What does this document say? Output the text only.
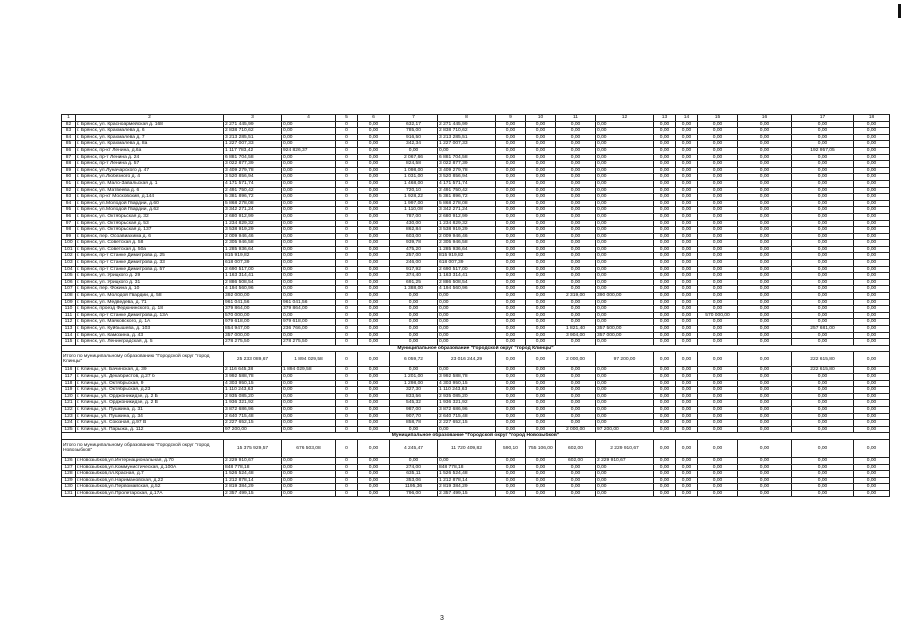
1	2	3	4	5	6	7	8	9	10	11	12	13	14	15	16	17	18
82	г. Брянск, ул. Красноармейская д. 168	2 271 445,99	0,00	0	0,00	632,17	2 271 445,99	0,00	0,00	0,00	0,00	0,00	0,00	0,00	0,00	0,00	0,00
83	г. Брянск, ул. Крахмалева д. 6	2 838 710,62	0,00	0	0,00	785,00	2 838 710,62	0,00	0,00	0,00	0,00	0,00	0,00	0,00	0,00	0,00	0,00
84	г. Брянск, ул. Крахмалева д. 7	3 213 285,51	0,00	0	0,00	916,50	3 213 285,51	0,00	0,00	0,00	0,00	0,00	0,00	0,00	0,00	0,00	0,00
85	г. Брянск, ул. Крахмалева д. 8а	1 227 007,33	0,00	0	0,00	342,34	1 227 007,33	0,00	0,00	0,00	0,00	0,00	0,00	0,00	0,00	0,00	0,00
86	г. Брянск, пр-кт Ленина, д.6а	1 117 783,42	924 826,37	0	0,00	0,00	0,00	0,00	0,00	0,00	0,00	0,00	0,00	0,00	0,00	192 957,05	0,00
87	г. Брянск, пр-т Ленина д. 24	6 881 704,58	0,00	0	0,00	2 067,66	6 881 704,58	0,00	0,00	0,00	0,00	0,00	0,00	0,00	0,00	0,00	0,00
88	г. Брянск, пр-т Ленина д. 57	3 022 877,39	0,00	0	0,00	824,58	3 022 877,39	0,00	0,00	0,00	0,00	0,00	0,00	0,00	0,00	0,00	0,00
89	г. Брянск, ул.Луначарского д. 47	3 409 279,78	0,00	0	0,00	1 098,00	3 409 279,78	0,00	0,00	0,00	0,00	0,00	0,00	0,00	0,00	0,00	0,00
90	г. Брянск, ул.Любезного д. 4	3 520 856,94	0,00	0	0,00	1 031,00	3 520 856,94	0,00	0,00	0,00	0,00	0,00	0,00	0,00	0,00	0,00	0,00
91	г. Брянск, ул. Мало-Завальская д. 1	4 171 571,74	0,00	0	0,00	1 468,00	4 171 571,74	0,00	0,00	0,00	0,00	0,00	0,00	0,00	0,00	0,00	0,00
92	г. Брянск, ул. Матвеева д. 6	2 491 750,42	0,00	0	0,00	720,10	2 491 750,42	0,00	0,00	0,00	0,00	0,00	0,00	0,00	0,00	0,00	0,00
93	г. Брянск, пр-кт Московский, д.144	5 381 896,72	0,00	0	0,00	1 928,22	5 381 896,72	0,00	0,00	0,00	0,00	0,00	0,00	0,00	0,00	0,00	0,00
94	г. Брянск, ул.Молодой Гвардии, д.60	5 868 278,08	0,00	0	0,00	1 997,00	5 868 278,08	0,00	0,00	0,00	0,00	0,00	0,00	0,00	0,00	0,00	0,00
95	г. Брянск, ул.Молодой Гвардии, д.62	3 342 271,24	0,00	0	0,00	1 110,08	3 342 271,24	0,00	0,00	0,00	0,00	0,00	0,00	0,00	0,00	0,00	0,00
96	г. Брянск, ул. Октябрьская д. 32	2 680 912,99	0,00	0	0,00	787,00	2 680 912,99	0,00	0,00	0,00	0,00	0,00	0,00	0,00	0,00	0,00	0,00
97	г. Брянск, ул. Октябрьская д. 53	1 234 829,32	0,00	0	0,00	430,00	1 234 829,32	0,00	0,00	0,00	0,00	0,00	0,00	0,00	0,00	0,00	0,00
98	г. Брянск, ул. Октябрьская д. 137	3 538 919,29	0,00	0	0,00	862,84	3 538 919,29	0,00	0,00	0,00	0,00	0,00	0,00	0,00	0,00	0,00	0,00
99	г. Брянск, пер. Осоавиахима д. 6	2 009 946,46	0,00	0	0,00	603,00	2 009 946,46	0,00	0,00	0,00	0,00	0,00	0,00	0,00	0,00	0,00	0,00
100	г. Брянск, ул. Советская д. 58	2 305 946,58	0,00	0	0,00	939,78	2 305 946,58	0,00	0,00	0,00	0,00	0,00	0,00	0,00	0,00	0,00	0,00
101	г. Брянск, ул. Советская д. 50а	1 285 936,64	0,00	0	0,00	475,20	1 285 936,64	0,00	0,00	0,00	0,00	0,00	0,00	0,00	0,00	0,00	0,00
102	г. Брянск, пр-т Станке Димитрова д. 25	815 919,82	0,00	0	0,00	257,00	815 919,82	0,00	0,00	0,00	0,00	0,00	0,00	0,00	0,00	0,00	0,00
103	г. Брянск, пр-т Станке Димитрова д. 33	618 007,39	0,00	0	0,00	246,00	618 007,39	0,00	0,00	0,00	0,00	0,00	0,00	0,00	0,00	0,00	0,00
104	г. Брянск, пр-т Станке Димитрова д. 57	2 690 517,00	0,00	0	0,00	917,92	2 690 517,00	0,00	0,00	0,00	0,00	0,00	0,00	0,00	0,00	0,00	0,00
105	г. Брянск, ул. Урицкого д. 29	1 163 314,41	0,00	0	0,00	374,40	1 163 314,41	0,00	0,00	0,00	0,00	0,00	0,00	0,00	0,00	0,00	0,00
106	г. Брянск, ул. Урицкого д. 31	2 886 508,54	0,00	0	0,00	691,25	2 886 508,54	0,00	0,00	0,00	0,00	0,00	0,00	0,00	0,00	0,00	0,00
107	г. Брянск, пер. Фокина д. 10	4 194 560,96	0,00	0	0,00	1 388,00	4 194 560,96	0,00	0,00	0,00	0,00	0,00	0,00	0,00	0,00	0,00	0,00
108	г. Брянск, ул. Молодой Гвардии, д. 58	392 000,00	0,00	0	0,00	0,00	0,00	0,00	0,00	2 319,00	390 000,00	0,00	0,00	0,00	0,00	0,00	0,00
109	г. Брянск, ул. Медведева, д. 71	961 041,56	961 041,56	0	0,00	0,00	0,00	0,00	0,00	0,00	0,00	0,00	0,00	0,00	0,00	0,00	0,00
110	г. Брянск, проезд Федюнинского, д. 18	379 864,00	379 864,00	0	0,00	0,00	0,00	0,00	0,00	0,00	0,00	0,00	0,00	0,00	0,00	0,00	0,00
111	г. Брянск, пр-т Станке Димитрова,д. 13А	570 000,00	0,00	0	0,00	0,00	0,00	0,00	0,00	0,00	0,00	0,00	0,00	570 000,00	0,00	0,00	0,00
112	г. Брянск, ул. Маяковского, д. 1А	979 618,00	979 618,00	0	0,00	0,00	0,00	0,00	0,00	0,00	0,00	0,00	0,00	0,00	0,00	0,00	0,00
113	г. Брянск, ул. Куйбышева, д. 103	854 947,00	236 766,00	0	0,00	0,00	0,00	0,00	0,00	1 821,40	357 500,00	0,00	0,00	0,00	0,00	257 681,00	0,00
114	г. Брянск, ул. Камозина, д. 43	357 000,00	0,00	0	0,00	0,00	0,00	0,00	0,00	3 904,00	357 000,00	0,00	0,00	0,00	0,00	0,00	0,00
115	г. Брянск, ул. Ленинградская, д. 5	278 275,50	278 275,50	0	0,00	0,00	0,00	0,00	0,00	0,00	0,00	0,00	0,00	0,00	0,00	0,00	0,00
Муниципальное образование "Городской округ "город Клинцы"																	
Итого по муниципальному образованию "Городской округ "город Клинцы"		25 233 089,67	1 894 029,58	0	0,00	6 059,72	23 016 244,29	0,00	0,00	2 000,00	97 200,00	0,00	0,00	0,00	0,00	222 615,80	0,00
116	г. Клинцы, ул. Бачинская, д. 39	2 116 645,38	1 894 029,58	0	0,00	0,00	0,00	0,00	0,00	0,00	0,00	0,00	0,00	0,00	0,00	222 615,80	0,00
117	г. Клинцы, ул. Декабристов, д.27 б	3 992 588,78	0,00	0	0,00	1 201,00	3 992 588,78	0,00	0,00	0,00	0,00	0,00	0,00	0,00	0,00	0,00	0,00
118	г. Клинцы, ул. Октябрьская, 9	4 303 950,15	0,00	0	0,00	1 298,00	4 303 950,15	0,00	0,00	0,00	0,00	0,00	0,00	0,00	0,00	0,00	0,00
119	г. Клинцы, ул. Октябрьская, д.23	1 110 243,63	0,00	0	0,00	327,30	1 110 243,63	0,00	0,00	0,00	0,00	0,00	0,00	0,00	0,00	0,00	0,00
120	г. Клинцы, ул. Орджоникидзе, д. 2 Б	2 935 085,20	0,00	0	0,00	833,56	2 935 085,20	0,00	0,00	0,00	0,00	0,00	0,00	0,00	0,00	0,00	0,00
121	г. Клинцы, ул. Орджоникидзе, д. 2 В	1 936 321,92	0,00	0	0,00	545,32	1 936 321,92	0,00	0,00	0,00	0,00	0,00	0,00	0,00	0,00	0,00	0,00
122	г. Клинцы, ул. Пушкина, д. 31	3 872 686,96	0,00	0	0,00	987,00	3 872 686,96	0,00	0,00	0,00	0,00	0,00	0,00	0,00	0,00	0,00	0,00
123	г. Клинцы, ул. Пушкина, д. 34	2 640 715,48	0,00	0	0,00	907,70	2 640 715,48	0,00	0,00	0,00	0,00	0,00	0,00	0,00	0,00	0,00	0,00
124	г. Клинцы, ул. Союзная, д.97 В	2 227 652,15	0,00	0	0,00	858,78	2 227 652,15	0,00	0,00	0,00	0,00	0,00	0,00	0,00	0,00	0,00	0,00
125	г. Клинцы, ул. Парыжа, д. 112	97 200,00	0,00	0	0,00	0,00	0,00	0,00	0,00	2 000,00	97 200,00	0,00	0,00	0,00	0,00	0,00	0,00
Муниципальное образование "Городской округ "город Новозыбков"																	
Итого по муниципальному образованию "Городской округ "город Новозыбков"		15 375 929,57	676 503,08	0	0,00	4 245,47	11 720 409,82	590,10	755 106,00	602,00	2 229 910,67	0,00	0,00	0,00	0,00	0,00	0,00
126	г.Новозыбков,ул.Интернациональная, д.70	2 229 910,67	0,00	0	0,00	0,00	0,00	0,00	0,00	602,00	2 229 910,67	0,00	0,00	0,00	0,00	0,00	0,00
127	г.Новозыбков,ул.Коммунистическая, д.100А	848 778,18	0,00	0	0,00	274,00	848 778,18	0,00	0,00	0,00	0,00	0,00	0,00	0,00	0,00	0,00	0,00
128	г.Новозыбков,пл.Красная, д.7	1 526 524,48	0,00	0	0,00	635,11	1 526 524,48	0,00	0,00	0,00	0,00	0,00	0,00	0,00	0,00	0,00	0,00
129	г.Новозыбков,ул.Наримановская, д.22	1 212 878,14	0,00	0	0,00	353,06	1 212 878,14	0,00	0,00	0,00	0,00	0,00	0,00	0,00	0,00	0,00	0,00
130	г.Новозыбков,ул.Первомайская, д.52	2 819 384,29	0,00	0	0,00	1195,36	2 819 384,29	0,00	0,00	0,00	0,00	0,00	0,00	0,00	0,00	0,00	0,00
131	г.Новозыбков,ул.Пролетарская, д.17А	2 357 499,15	0,00	0	0,00	796,00	2 357 499,15	0,00	0,00	0,00	0,00	0,00	0,00	0,00	0,00	0,00	0,00
3
